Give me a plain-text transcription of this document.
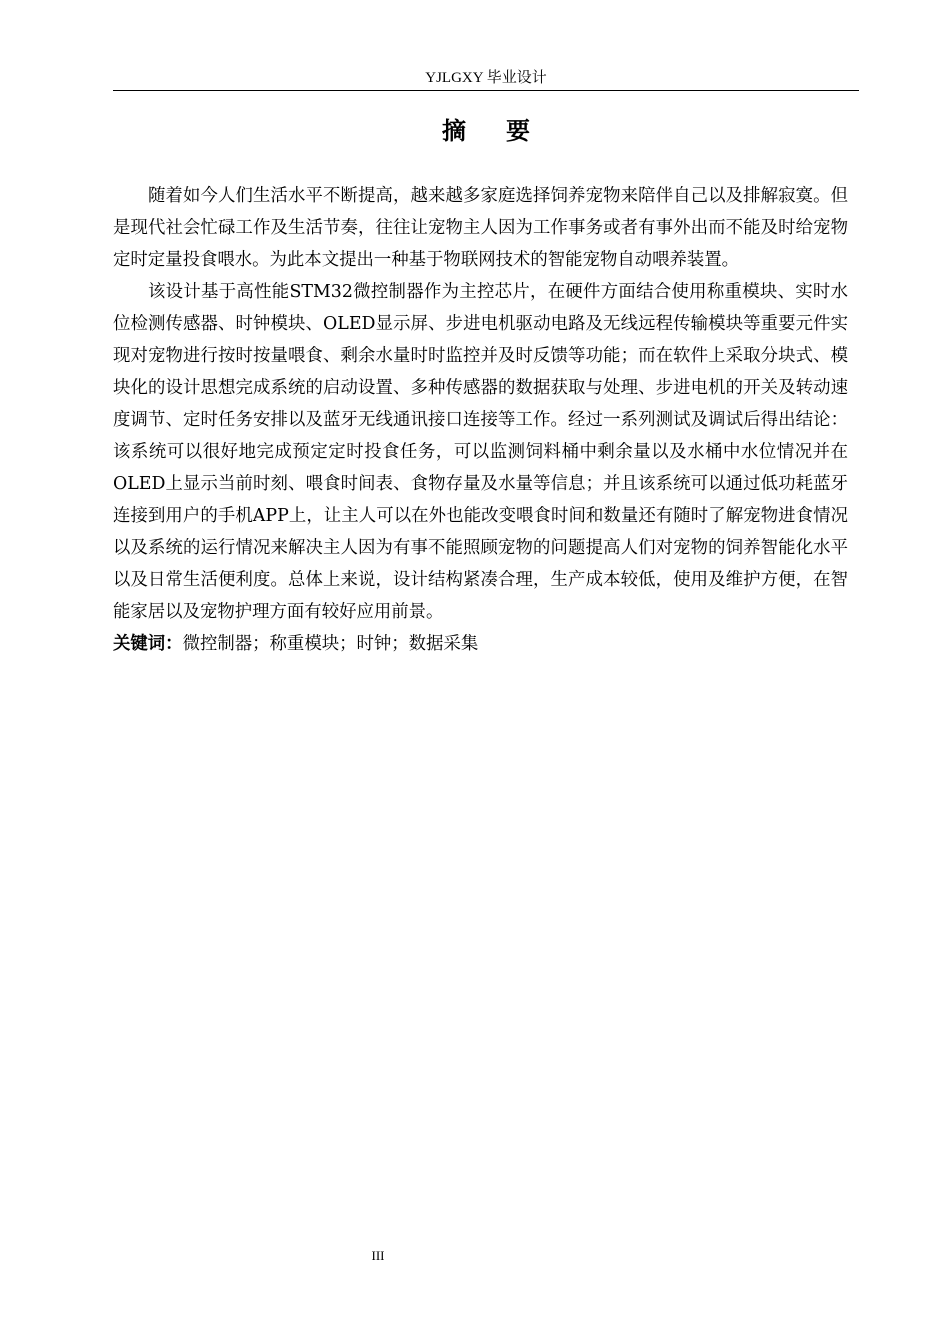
YJLGXY 毕业设计
摘要

随着如今人们生活水平不断提高，越来越多家庭选择饲养宠物来陪伴自己以及排解寂寞。但是现代社会忙碌工作及生活节奏，往往让宠物主人因为工作事务或者有事外出而不能及时给宠物定时定量投食喂水。为此本文提出一种基于物联网技术的智能宠物自动喂养装置。

该设计基于高性能STM32微控制器作为主控芯片，在硬件方面结合使用称重模块、实时水位检测传感器、时钟模块、OLED显示屏、步进电机驱动电路及无线远程传输模块等重要元件实现对宠物进行按时按量喂食、剩余水量时时监控并及时反馈等功能；而在软件上采取分块式、模块化的设计思想完成系统的启动设置、多种传感器的数据获取与处理、步进电机的开关及转动速度调节、定时任务安排以及蓝牙无线通讯接口连接等工作。经过一系列测试及调试后得出结论：该系统可以很好地完成预定定时投食任务，可以监测饲料桶中剩余量以及水桶中水位情况并在OLED上显示当前时刻、喂食时间表、食物存量及水量等信息；并且该系统可以通过低功耗蓝牙连接到用户的手机APP上，让主人可以在外也能改变喂食时间和数量还有随时了解宠物进食情况以及系统的运行情况来解决主人因为有事不能照顾宠物的问题提高人们对宠物的饲养智能化水平以及日常生活便利度。总体上来说，设计结构紧凑合理，生产成本较低，使用及维护方便，在智能家居以及宠物护理方面有较好应用前景。

关键词：微控制器；称重模块；时钟；数据采集
III
